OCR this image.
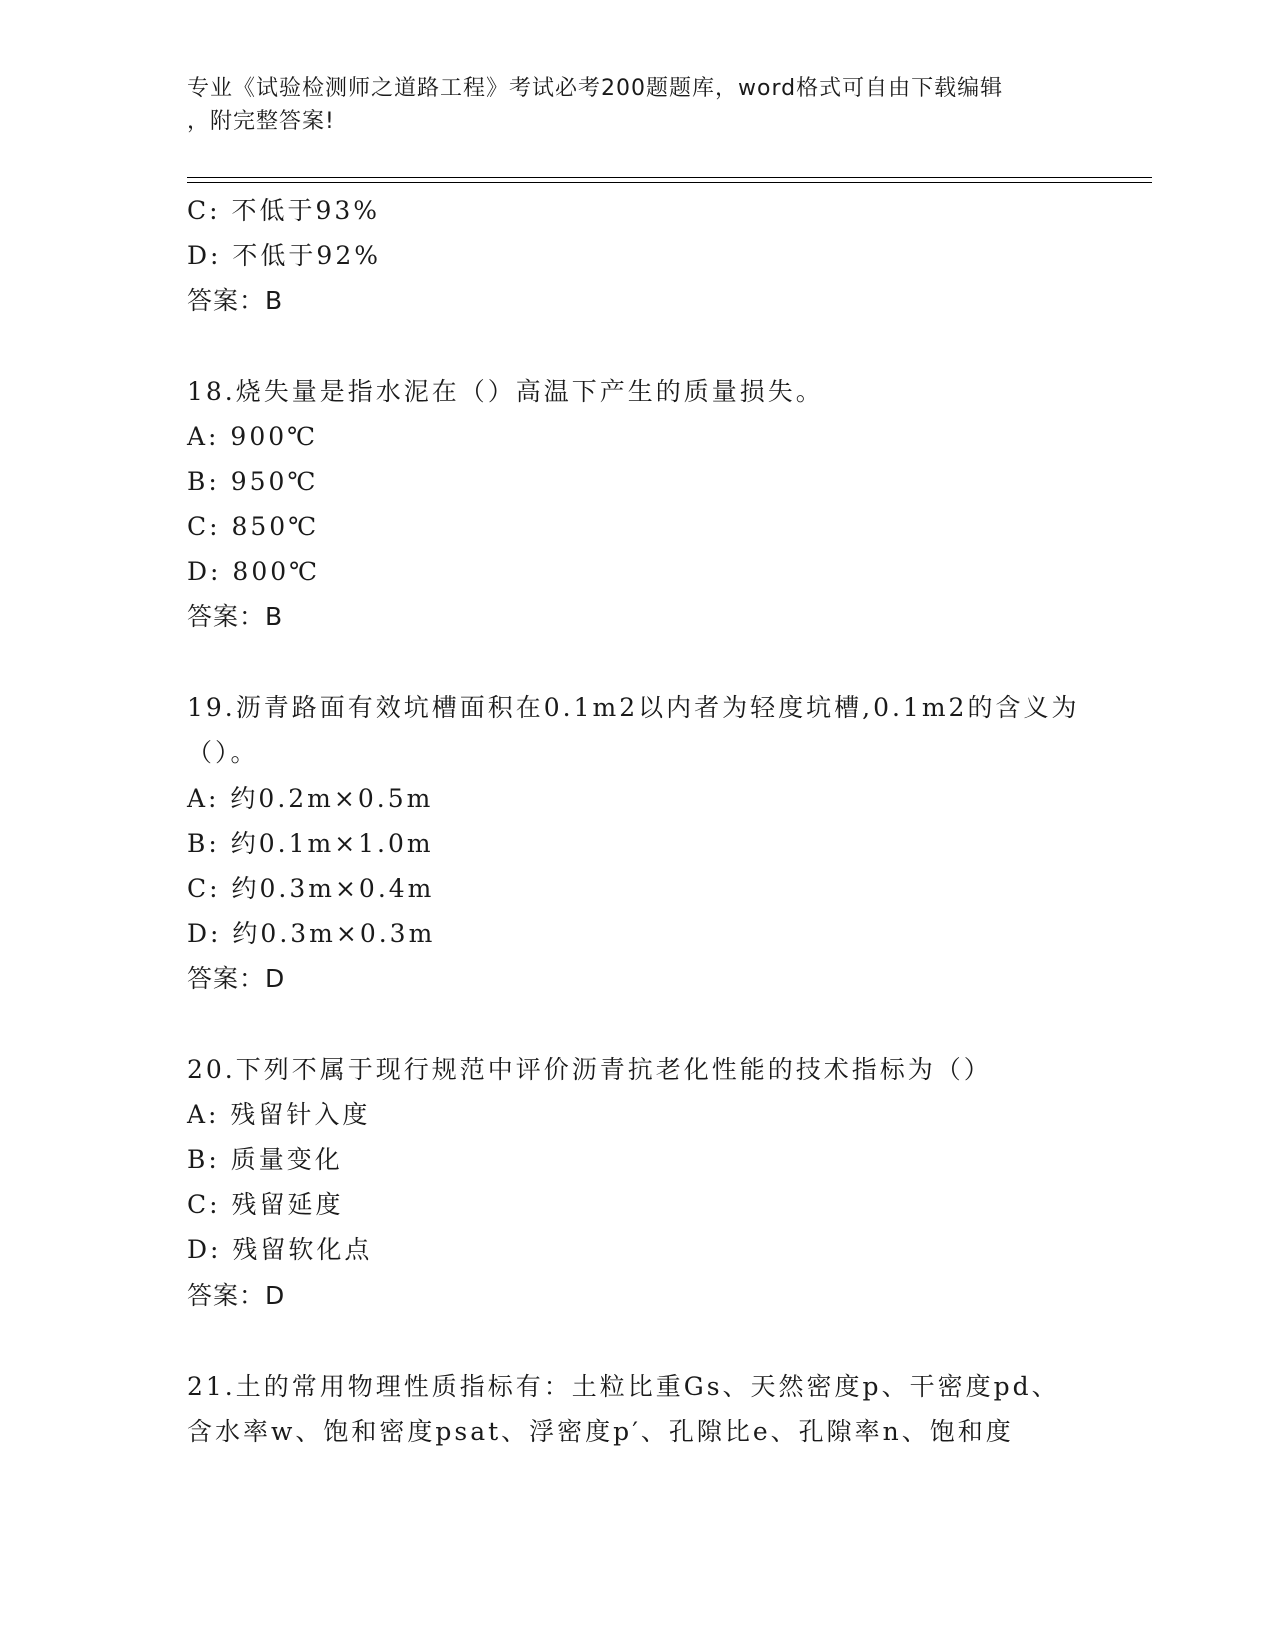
专业《试验检测师之道路工程》考试必考200题题库，word格式可自由下载编辑
，附完整答案!
C: 不低于93%
D: 不低于92%
答案：B
18.烧失量是指水泥在（）高温下产生的质量损失。
A: 900℃
B: 950℃
C: 850℃
D: 800℃
答案：B
19.沥青路面有效坑槽面积在0.1m2以内者为轻度坑槽,0.1m2的含义为
（）。
A: 约0.2m×0.5m
B: 约0.1m×1.0m
C: 约0.3m×0.4m
D: 约0.3m×0.3m
答案：D
20.下列不属于现行规范中评价沥青抗老化性能的技术指标为（）
A: 残留针入度
B: 质量变化
C: 残留延度
D: 残留软化点
答案：D
21.土的常用物理性质指标有：土粒比重Gs、天然密度p、干密度pd、
含水率w、饱和密度psat、浮密度p′、孔隙比e、孔隙率n、饱和度
